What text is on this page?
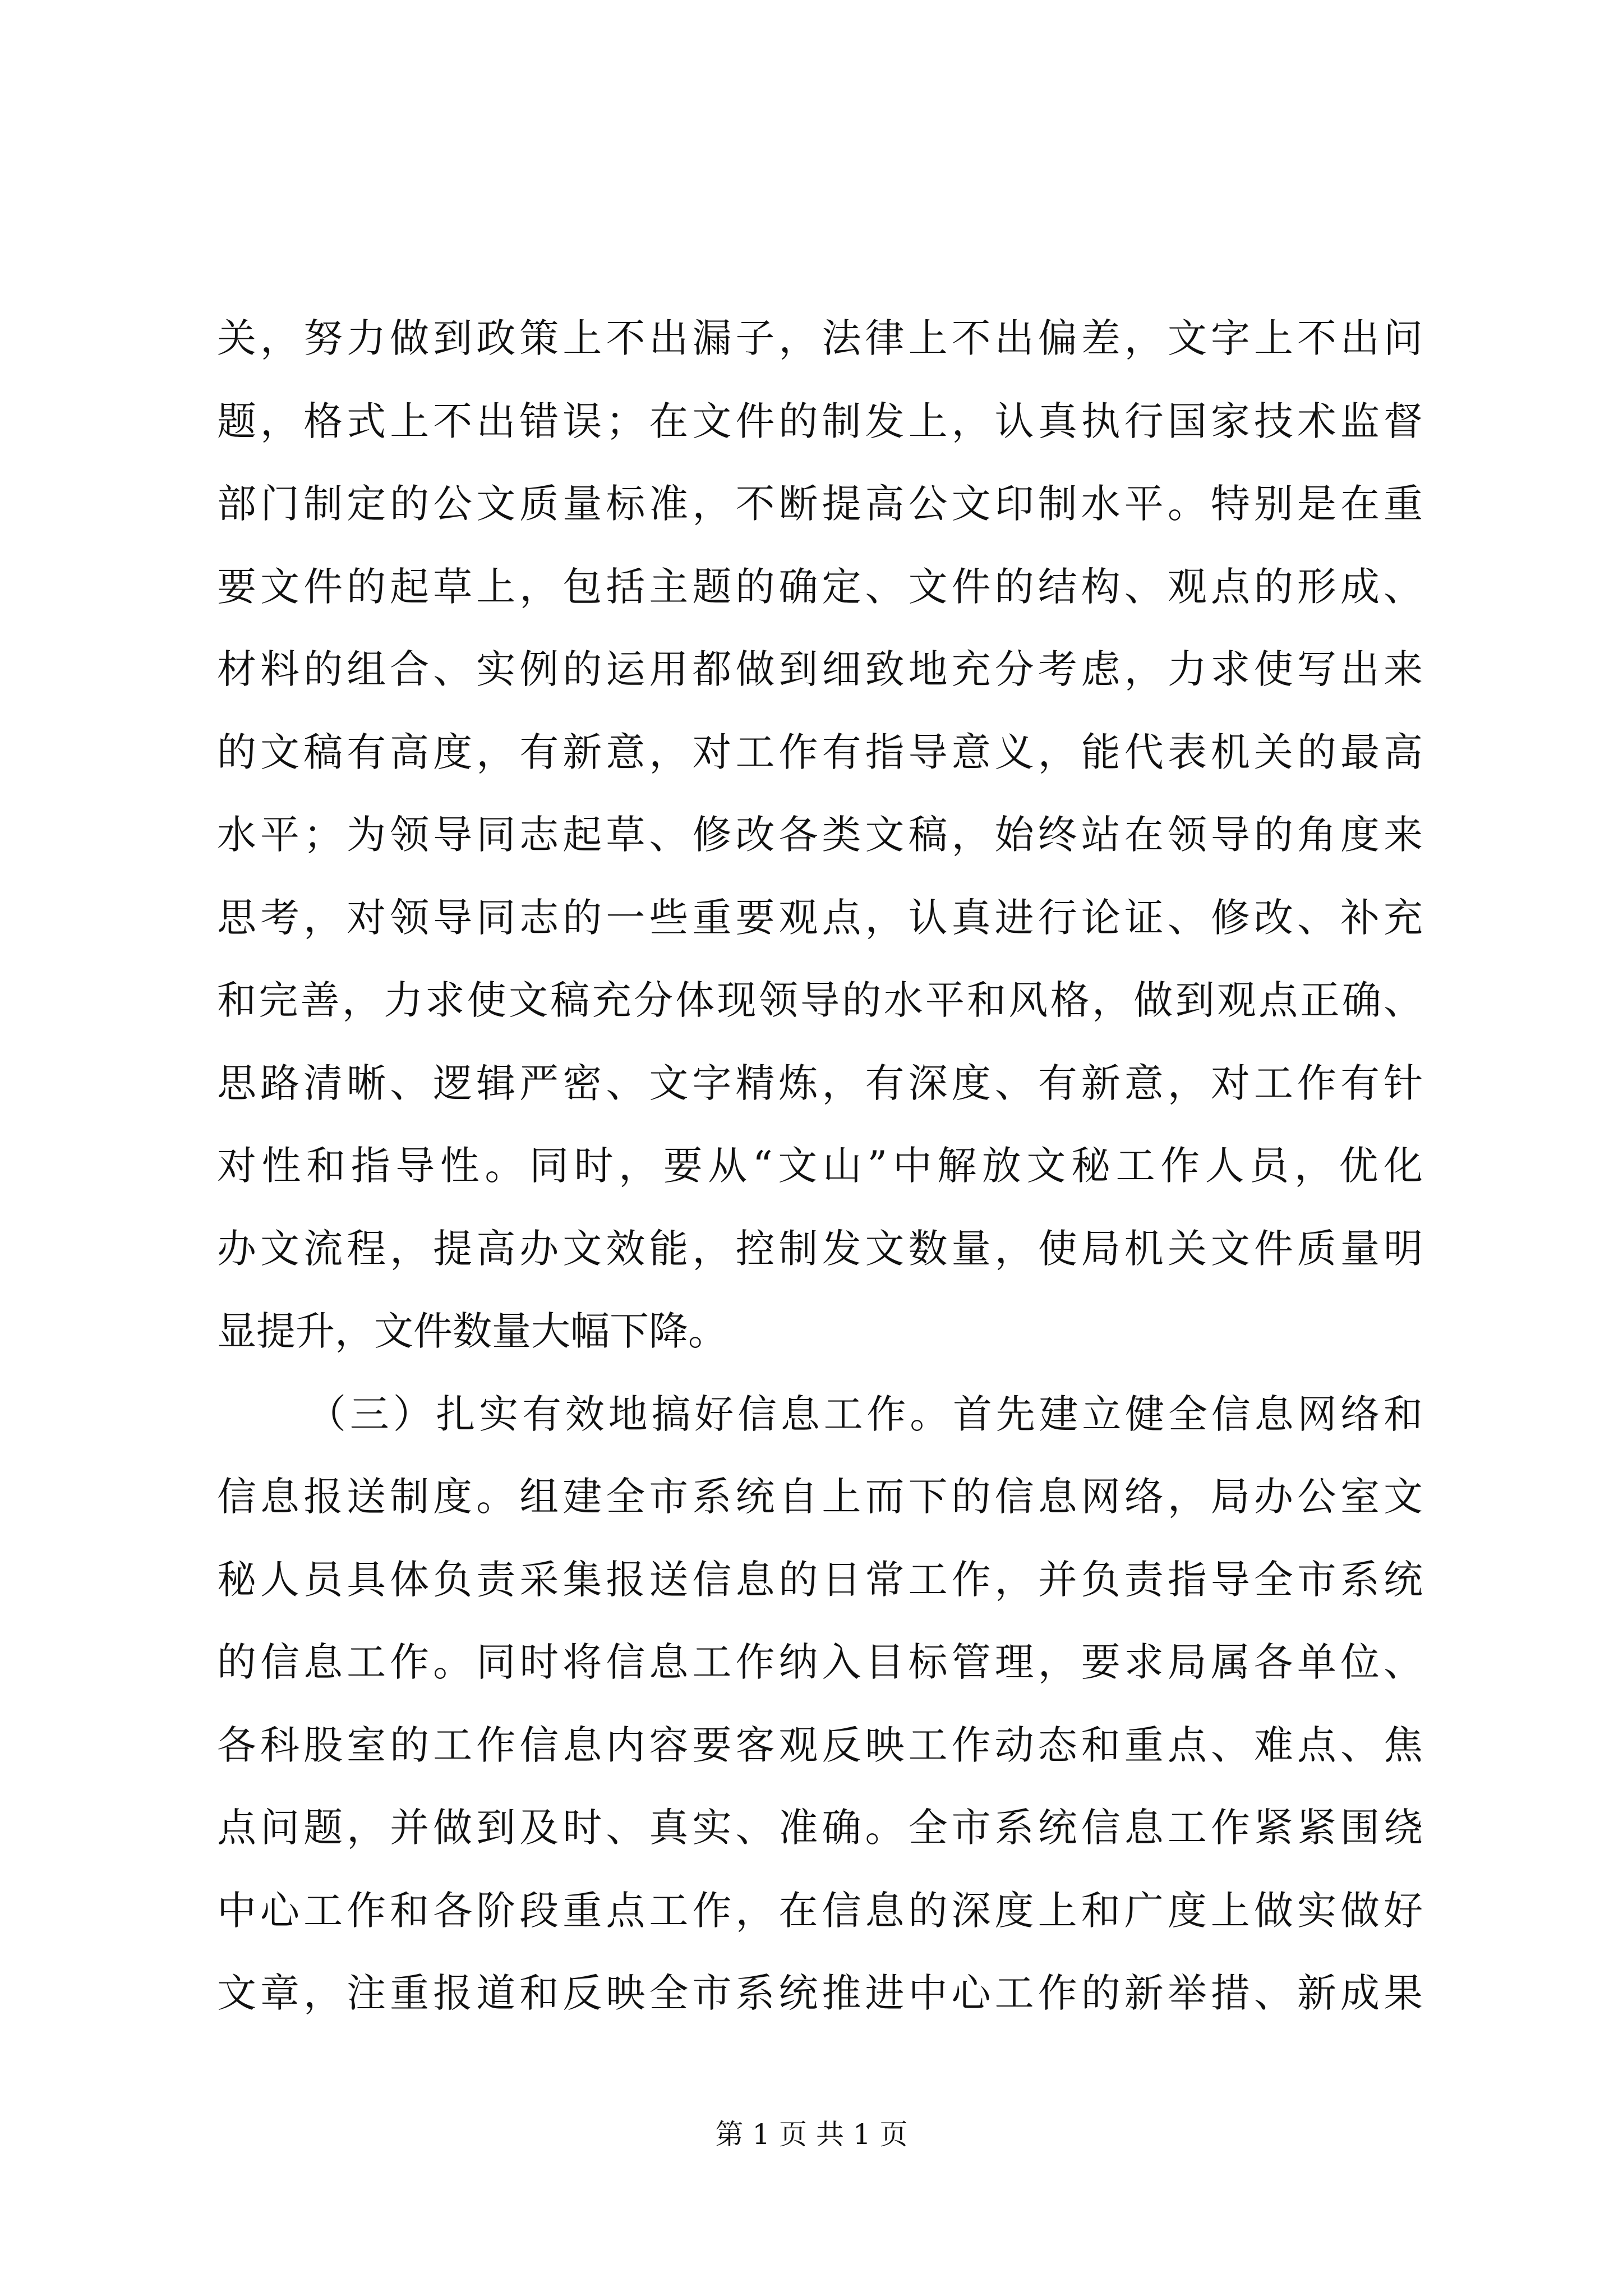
关，努力做到政策上不出漏子，法律上不出偏差，文字上不出问
题，格式上不出错误；在文件的制发上，认真执行国家技术监督
部门制定的公文质量标准，不断提高公文印制水平。特别是在重
要文件的起草上，包括主题的确定、文件的结构、观点的形成、
材料的组合、实例的运用都做到细致地充分考虑，力求使写出来
的文稿有高度，有新意，对工作有指导意义，能代表机关的最高
水平；为领导同志起草、修改各类文稿，始终站在领导的角度来
思考，对领导同志的一些重要观点，认真进行论证、修改、补充
和完善，力求使文稿充分体现领导的水平和风格，做到观点正确、
思路清晰、逻辑严密、文字精炼，有深度、有新意，对工作有针
对性和指导性。同时，要从“文山”中解放文秘工作人员，优化
办文流程，提高办文效能，控制发文数量，使局机关文件质量明
显提升，文件数量大幅下降。
（三）扎实有效地搞好信息工作。首先建立健全信息网络和
信息报送制度。组建全市系统自上而下的信息网络，局办公室文
秘人员具体负责采集报送信息的日常工作，并负责指导全市系统
的信息工作。同时将信息工作纳入目标管理，要求局属各单位、
各科股室的工作信息内容要客观反映工作动态和重点、难点、焦
点问题，并做到及时、真实、准确。全市系统信息工作紧紧围绕
中心工作和各阶段重点工作，在信息的深度上和广度上做实做好
文章，注重报道和反映全市系统推进中心工作的新举措、新成果
第 1 页 共 1 页
